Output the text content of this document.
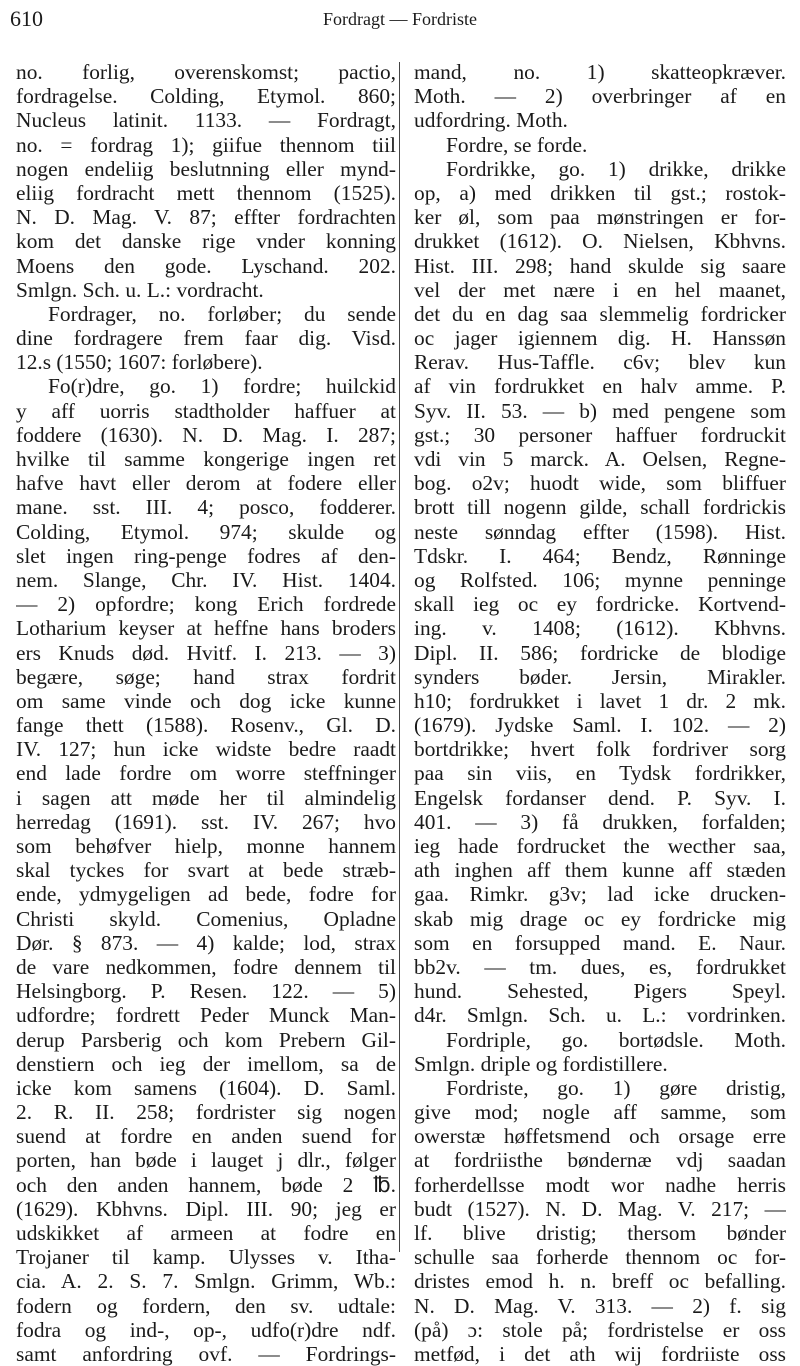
610	Fordragt — Fordriste
no. forlig, overenskomst; pactio,
fordragelse. Colding, Etymol. 860;
Nucleus latinit. 1133. — Fordragt,
no. = fordrag 1); giifue thennom tiil
nogen endeliig beslutnning eller mynd-
eliig fordracht mett thennom (1525).
N. D. Mag. V. 87; effter fordrachten
kom det danske rige vnder konning
Moens den gode. Lyschand. 202.
Smlgn. Sch. u. L.: vordracht.
Fordrager, no. forløber; du sende
dine fordragere frem faar dig. Visd.
12.s (1550; 1607: forløbere).
Fo(r)dre, go. 1) fordre; huilckid
y aff uorris stadtholder haffuer at
foddere (1630). N. D. Mag. I. 287;
hvilke til samme kongerige ingen ret
hafve havt eller derom at fodere eller
mane. sst. III. 4; posco, fodderer.
Colding, Etymol. 974; skulde og
slet ingen ring-penge fodres af den-
nem. Slange, Chr. IV. Hist. 1404.
— 2) opfordre; kong Erich fordrede
Lotharium keyser at heffne hans broders
ers Knuds død. Hvitf. I. 213. — 3)
begære, søge; hand strax fordrit
om same vinde och dog icke kunne
fange thett (1588). Rosenv., Gl. D.
IV. 127; hun icke widste bedre raadt
end lade fordre om worre steffninger
i sagen att møde her til almindelig
herredag (1691). sst. IV. 267; hvo
som behøfver hielp, monne hannem
skal tyckes for svart at bede stræb-
ende, ydmygeligen ad bede, fodre for
Christi skyld. Comenius, Opladne
Dør. § 873. — 4) kalde; lod, strax
de vare nedkommen, fodre dennem til
Helsingborg. P. Resen. 122. — 5)
udfordre; fordrett Peder Munck Man-
derup Parsberig och kom Prebern Gil-
denstiern och ieg der imellom, sa de
icke kom samens (1604). D. Saml.
2. R. II. 258; fordrister sig nogen
suend at fordre en anden suend for
porten, han bøde i lauget j dlr., følger
och den anden hannem, bøde 2 ℔.
(1629). Kbhvns. Dipl. III. 90; jeg er
udskikket af armeen at fodre en
Trojaner til kamp. Ulysses v. Itha-
cia. A. 2. S. 7. Smlgn. Grimm, Wb.:
fodern og fordern, den sv. udtale:
fodra og ind-, op-, udfo(r)dre ndf.
samt anfordring ovf. — Fordrings-
mand, no. 1) skatteopkræver.
Moth. — 2) overbringer af en
udfordring. Moth.
Fordre, se forde.
Fordrikke, go. 1) drikke, drikke
op, a) med drikken til gst.; rostok-
ker øl, som paa mønstringen er for-
drukket (1612). O. Nielsen, Kbhvns.
Hist. III. 298; hand skulde sig saare
vel der met nære i en hel maanet,
det du en dag saa slemmelig fordricker
oc jager igiennem dig. H. Hanssøn
Rerav. Hus-Taffle. c6v; blev kun
af vin fordrukket en halv amme. P.
Syv. II. 53. — b) med pengene som
gst.; 30 personer haffuer fordruckit
vdi vin 5 marck. A. Oelsen, Regne-
bog. o2v; huodt wide, som bliffuer
brott till nogenn gilde, schall fordrickis
neste sønndag effter (1598). Hist.
Tdskr. I. 464; Bendz, Rønninge
og Rolfsted. 106; mynne penninge
skall ieg oc ey fordricke. Kortvend-
ing. v. 1408; (1612). Kbhvns.
Dipl. II. 586; fordricke de blodige
synders bøder. Jersin, Mirakler.
h10; fordrukket i lavet 1 dr. 2 mk.
(1679). Jydske Saml. I. 102. — 2)
bortdrikke; hvert folk fordriver sorg
paa sin viis, en Tydsk fordrikker,
Engelsk fordanser dend. P. Syv. I.
401. — 3) få drukken, forfalden;
ieg hade fordrucket the wecther saa,
ath inghen aff them kunne aff stæden
gaa. Rimkr. g3v; lad icke drucken-
skab mig drage oc ey fordricke mig
som en forsupped mand. E. Naur.
bb2v. — tm. dues, es, fordrukket
hund. Sehested, Pigers Speyl.
d4r. Smlgn. Sch. u. L.: vordrinken.
Fordriple, go. bortødsle. Moth.
Smlgn. driple og fordistillere.
Fordriste, go. 1) gøre dristig,
give mod; nogle aff samme, som
owerstæ høffetsmend och orsage erre
at fordriisthe bøndernæ vdj saadan
forherdellsse modt wor nadhe herris
budt (1527). N. D. Mag. V. 217; —
lf. blive dristig; thersom bønder
schulle saa forherde thennom oc for-
dristes emod h. n. breff oc befalling.
N. D. Mag. V. 313. — 2) f. sig
(på) ɔ: stole på; fordristelse er oss
metfød, i det ath wij fordriiste oss
